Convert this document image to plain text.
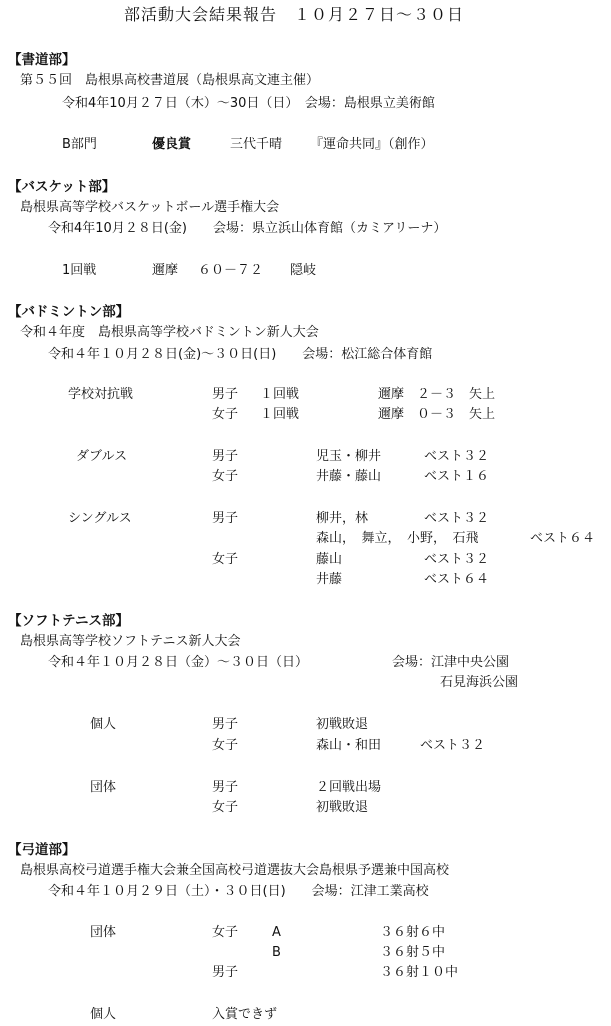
部活動大会結果報告　１０月２７日～３０日
【書道部】
第５５回　島根県高校書道展（島根県高文連主催）
令和4年10月２７日（木）～30日（日）　会場：島根県立美術館
B部門	優良賞	三代千晴 『運命共同』（創作）
【バスケット部】
島根県高等学校バスケットボール選手権大会
令和4年10月２８日(金)　　会場：県立浜山体育館（カミアリーナ）
1回戦	邇摩 ６０－７２ 隠岐
【バドミントン部】
令和４年度　島根県高等学校バドミントン新人大会
令和４年１０月２８日(金)～３０日(日)　　会場：松江総合体育館
学校対抗戦	男子 １回戦	邇摩　２－３　矢上
女子 １回戦	邇摩　０－３　矢上
ダブルス	男子	児玉・柳井	ベスト３２
女子	井藤・藤山	ベスト１６
シングルス	男子	柳井，林	ベスト３２
森山，　舞立，　小野，　石飛	ベスト６４
女子	藤山	ベスト３２
井藤	ベスト６４
【ソフトテニス部】
島根県高等学校ソフトテニス新人大会
令和４年１０月２８日（金）～３０日（日）	会場：江津中央公園
石見海浜公園
個人	男子	初戦敗退
女子	森山・和田	ベスト３２
団体	男子	２回戦出場
女子	初戦敗退
【弓道部】
島根県高校弓道選手権大会兼全国高校弓道選抜大会島根県予選兼中国高校
令和４年１０月２９日（土）・３０日(日)　　会場：江津工業高校
団体	女子	A	３６射６中
B	３６射５中
男子	３６射１０中
個人	入賞できず
